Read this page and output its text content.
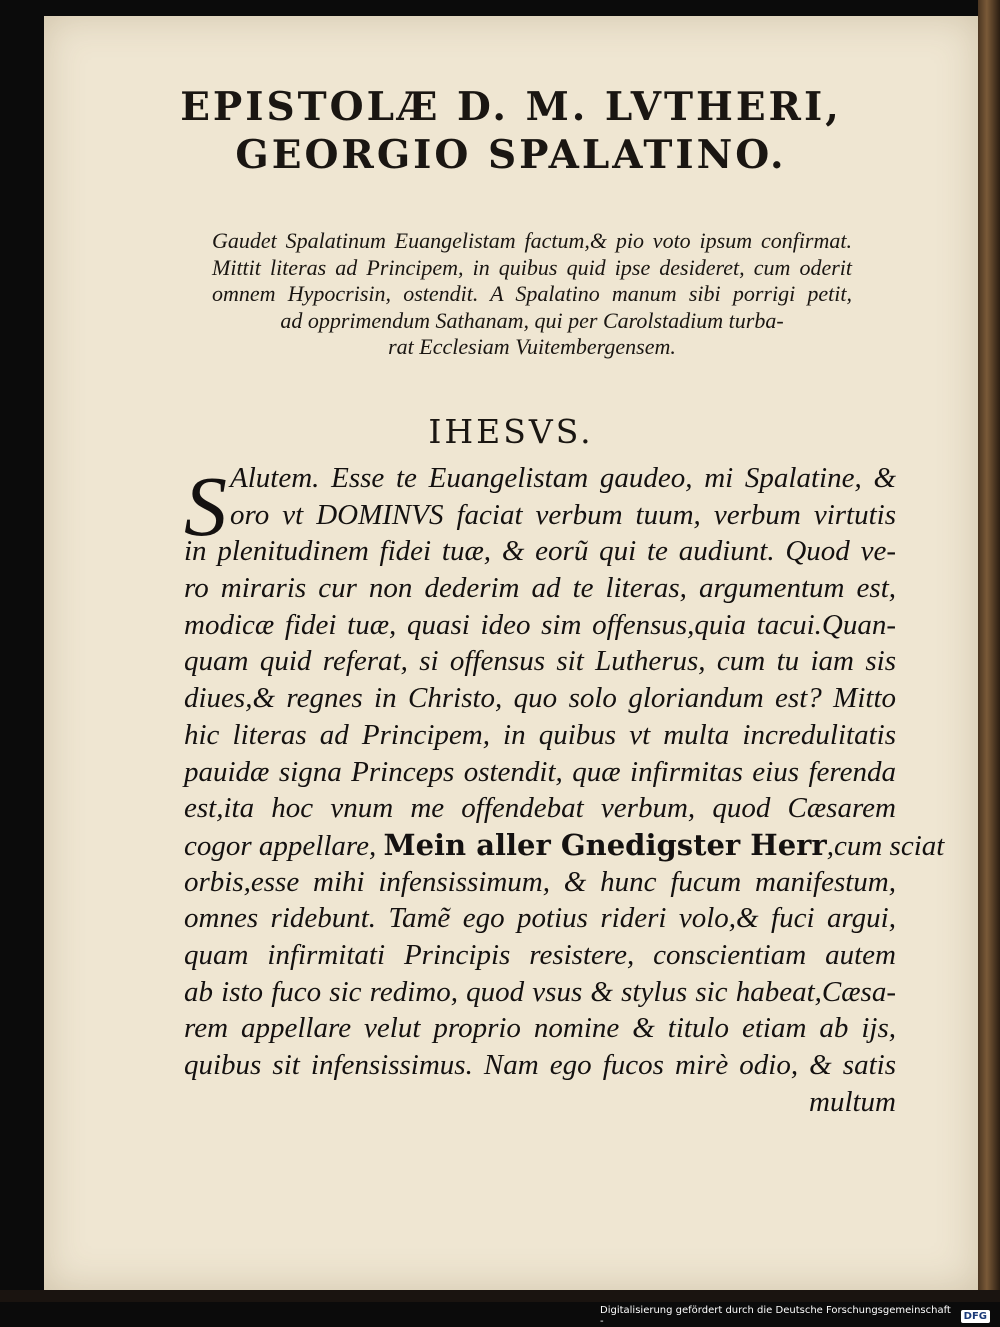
EPISTOLÆ D. M. LVTHERI,
GEORGIO SPALATINO.
Gaudet Spalatinum Euangelistam factum,& pio voto ipsum confirmat.
Mittit literas ad Principem, in quibus quid ipse desideret, cum oderit
omnem Hypocrisin, ostendit. A Spalatino manum sibi porrigi petit,
ad opprimendum Sathanam, qui per Carolstadium turba-
rat Ecclesiam Vuitembergensem.
IHESVS.
S Alutem. Esse te Euangelistam gaudeo, mi Spalatine, &
oro vt DOMINVS faciat verbum tuum, verbum virtutis
in plenitudinem fidei tuæ, & eorũ qui te audiunt. Quod ve-
ro miraris cur non dederim ad te literas, argumentum est,
modicæ fidei tuæ, quasi ideo sim offensus,quia tacui.Quan-
quam quid referat, si offensus sit Lutherus, cum tu iam sis
diues,& regnes in Christo, quo solo gloriandum est? Mitto
hic literas ad Principem, in quibus vt multa incredulitatis
pauidæ signa Princeps ostendit, quæ infirmitas eius ferenda
est,ita hoc vnum me offendebat verbum, quod Cæsarem
cogor appellare, Mein aller Gnedigster Herr,cum sciat
orbis,esse mihi infensissimum, & hunc fucum manifestum,
omnes ridebunt. Tamẽ ego potius rideri volo,& fuci argui,
quam infirmitati Principis resistere, conscientiam autem
ab isto fuco sic redimo, quod vsus & stylus sic habeat,Cæsa-
rem appellare velut proprio nomine & titulo etiam ab ijs,
quibus sit infensissimus. Nam ego fucos mirè odio, & satis
multum
Digitalisierung gefördert durch die Deutsche Forschungsgemeinschaft -	DFG
